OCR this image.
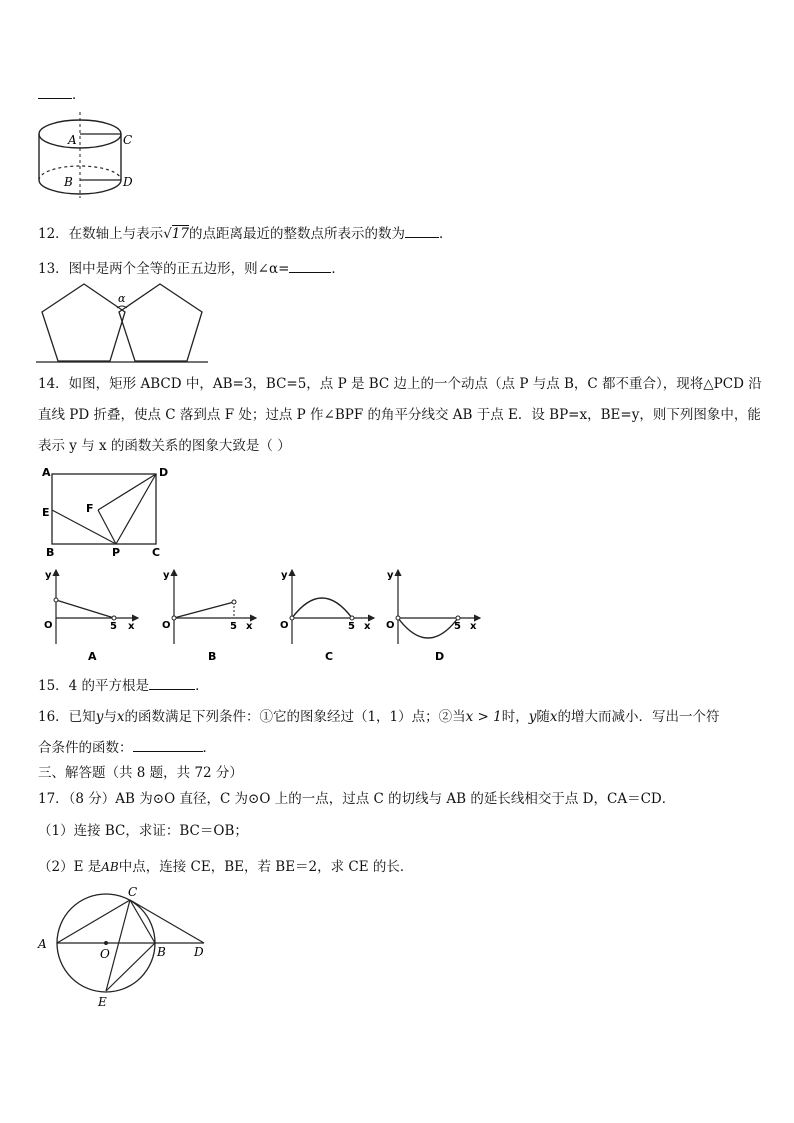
．
A	C
B	D
12．在数轴上与表示√17的点距离最近的整数点所表示的数为	．
13．图中是两个全等的正五边形，则∠α=	．
α
14．如图，矩形 ABCD 中，AB=3，BC=5，点 P 是 BC 边上的一个动点（点 P 与点 B，C 都不重合），现将△PCD 沿
直线 PD 折叠，使点 C 落到点 F 处；过点 P 作∠BPF 的角平分线交 AB 于点 E．设 BP=x，BE=y，则下列图象中，能
表示 y 与 x 的函数关系的图象大致是（ ）
A	D
F
E
B	P	C
y
O	5 x
A
y
O	5 x
B
y
O	5 x
C
y
O	5 x
D
15．4 的平方根是	．
16．已知y与x的函数满足下列条件：①它的图象经过（1，1）点；②当x > 1时，y随x的增大而减小．写出一个符
合条件的函数：	．
三、解答题（共 8 题，共 72 分）
17．（8 分）AB 为⊙O 直径，C 为⊙O 上的一点，过点 C 的切线与 AB 的延长线相交于点 D，CA＝CD．
（1）连接 BC，求证：BC＝OB；
（2）E 是AB中点，连接 CE，BE，若 BE＝2，求 CE 的长．
C
A
O	B D
E
